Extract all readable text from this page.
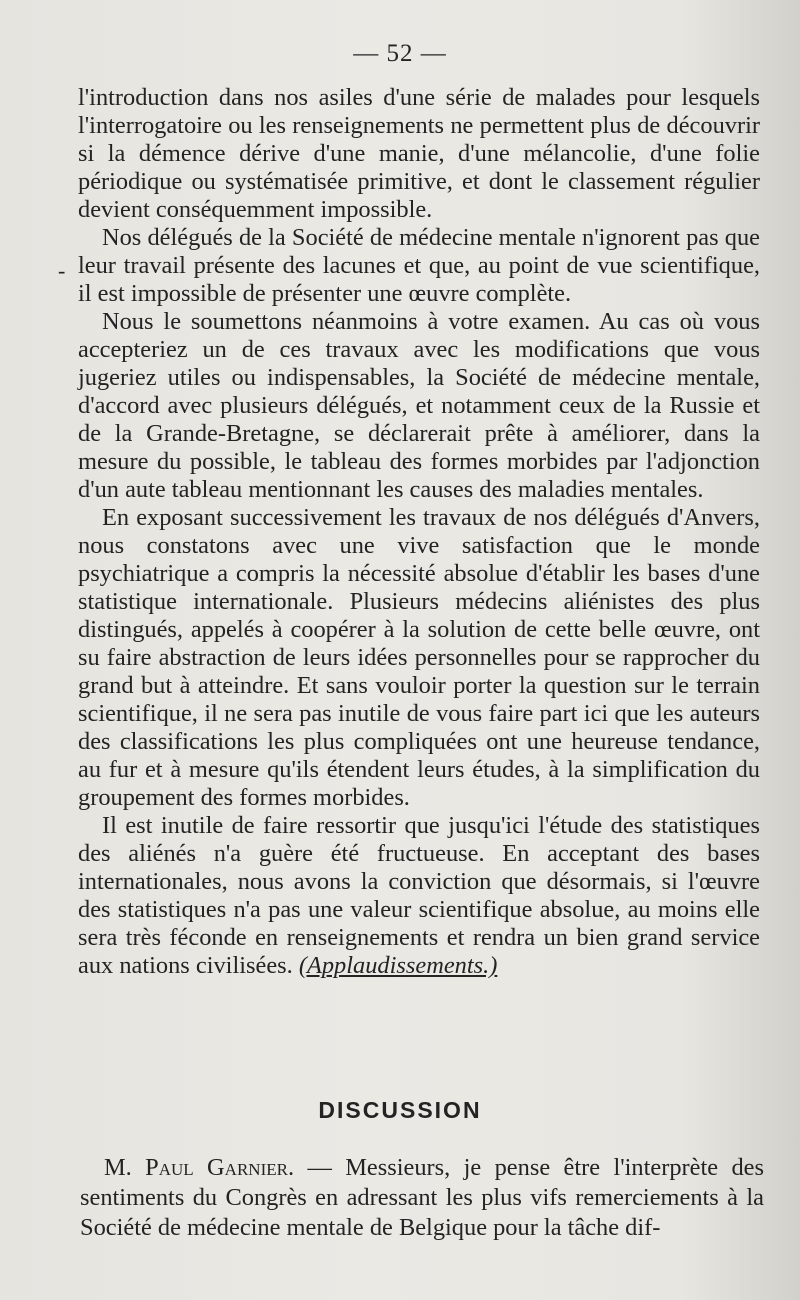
— 52 —
-

l'introduction dans nos asiles d'une série de malades pour lesquels l'interrogatoire ou les renseignements ne permettent plus de découvrir si la démence dérive d'une manie, d'une mélancolie, d'une folie périodique ou systématisée primitive, et dont le classement régulier devient conséquemment impossible.

Nos délégués de la Société de médecine mentale n'ignorent pas que leur travail présente des lacunes et que, au point de vue scientifique, il est impossible de présenter une œuvre complète.

Nous le soumettons néanmoins à votre examen. Au cas où vous accepteriez un de ces travaux avec les modifications que vous jugeriez utiles ou indispensables, la Société de médecine mentale, d'accord avec plusieurs délégués, et notamment ceux de la Russie et de la Grande-Bretagne, se déclarerait prête à améliorer, dans la mesure du possible, le tableau des formes morbides par l'adjonction d'un aute tableau mentionnant les causes des maladies mentales.

En exposant successivement les travaux de nos délégués d'Anvers, nous constatons avec une vive satisfaction que le monde psychiatrique a compris la nécessité absolue d'établir les bases d'une statistique internationale. Plusieurs médecins aliénistes des plus distingués, appelés à coopérer à la solution de cette belle œuvre, ont su faire abstraction de leurs idées personnelles pour se rapprocher du grand but à atteindre. Et sans vouloir porter la question sur le terrain scientifique, il ne sera pas inutile de vous faire part ici que les auteurs des classifications les plus compliquées ont une heureuse tendance, au fur et à mesure qu'ils étendent leurs études, à la simplification du groupement des formes morbides.

Il est inutile de faire ressortir que jusqu'ici l'étude des statistiques des aliénés n'a guère été fructueuse. En acceptant des bases internationales, nous avons la conviction que désormais, si l'œuvre des statistiques n'a pas une valeur scientifique absolue, au moins elle sera très féconde en renseignements et rendra un bien grand service aux nations civilisées. (Applaudissements.)

DISCUSSION

M. Paul Garnier. — Messieurs, je pense être l'interprète des sentiments du Congrès en adressant les plus vifs remerciements à la Société de médecine mentale de Belgique pour la tâche dif-
